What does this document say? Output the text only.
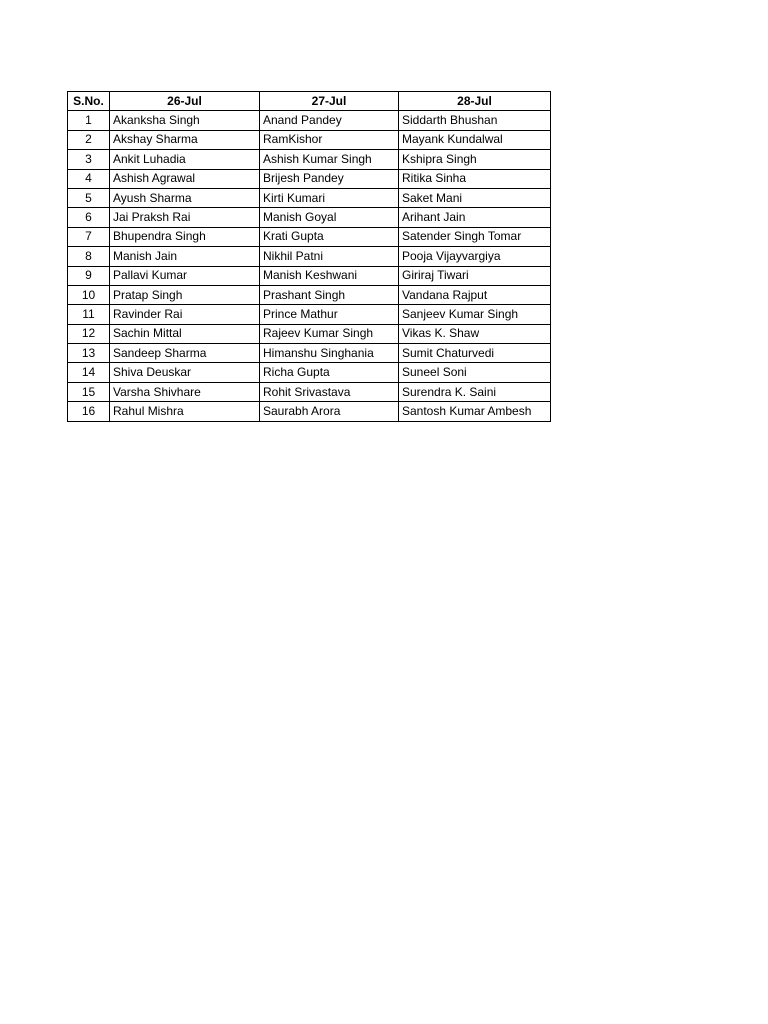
S.No.	26-Jul	27-Jul	28-Jul
1	Akanksha Singh	Anand Pandey	Siddarth Bhushan
2	Akshay Sharma	RamKishor	Mayank Kundalwal
3	Ankit Luhadia	Ashish Kumar Singh	Kshipra Singh
4	Ashish Agrawal	Brijesh Pandey	Ritika Sinha
5	Ayush Sharma	Kirti Kumari	Saket Mani
6	Jai Praksh Rai	Manish Goyal	Arihant Jain
7	Bhupendra Singh	Krati Gupta	Satender Singh Tomar
8	Manish Jain	Nikhil Patni	Pooja Vijayvargiya
9	Pallavi Kumar	Manish Keshwani	Giriraj Tiwari
10	Pratap Singh	Prashant Singh	Vandana Rajput
11	Ravinder Rai	Prince Mathur	Sanjeev Kumar Singh
12	Sachin Mittal	Rajeev Kumar Singh	Vikas K. Shaw
13	Sandeep Sharma	Himanshu Singhania	Sumit Chaturvedi
14	Shiva Deuskar	Richa Gupta	Suneel Soni
15	Varsha Shivhare	Rohit Srivastava	Surendra K. Saini
16	Rahul Mishra	Saurabh Arora	Santosh Kumar Ambesh
